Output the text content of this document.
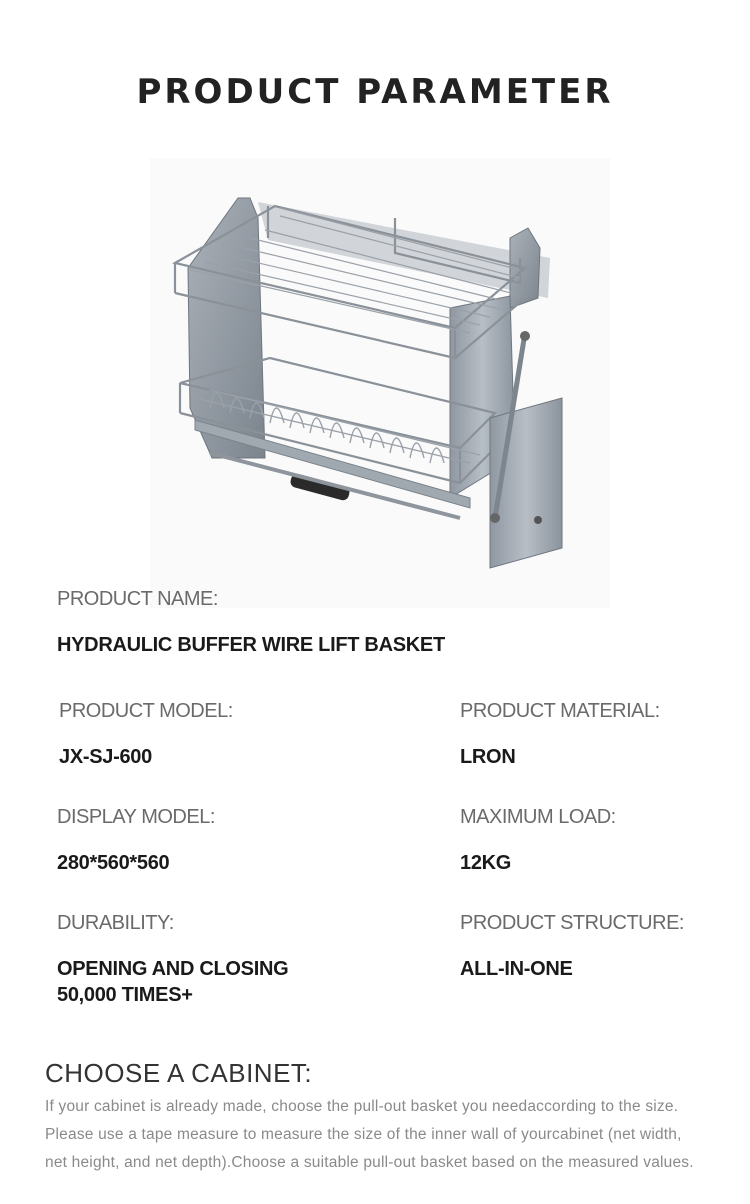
PRODUCT PARAMETER
PRODUCT NAME:
HYDRAULIC BUFFER WIRE LIFT BASKET
PRODUCT MODEL:
JX-SJ-600
PRODUCT MATERIAL:
LRON
DISPLAY MODEL:
280*560*560
MAXIMUM LOAD:
12KG
DURABILITY:
OPENING AND CLOSING
50,000 TIMES+
PRODUCT STRUCTURE:
ALL-IN-ONE
CHOOSE A CABINET:
If your cabinet is already made, choose the pull-out basket you needaccording to the size.
Please use a tape measure to measure the size of the inner wall of yourcabinet (net width,
net height, and net depth).Choose a suitable pull-out basket based on the measured values.
